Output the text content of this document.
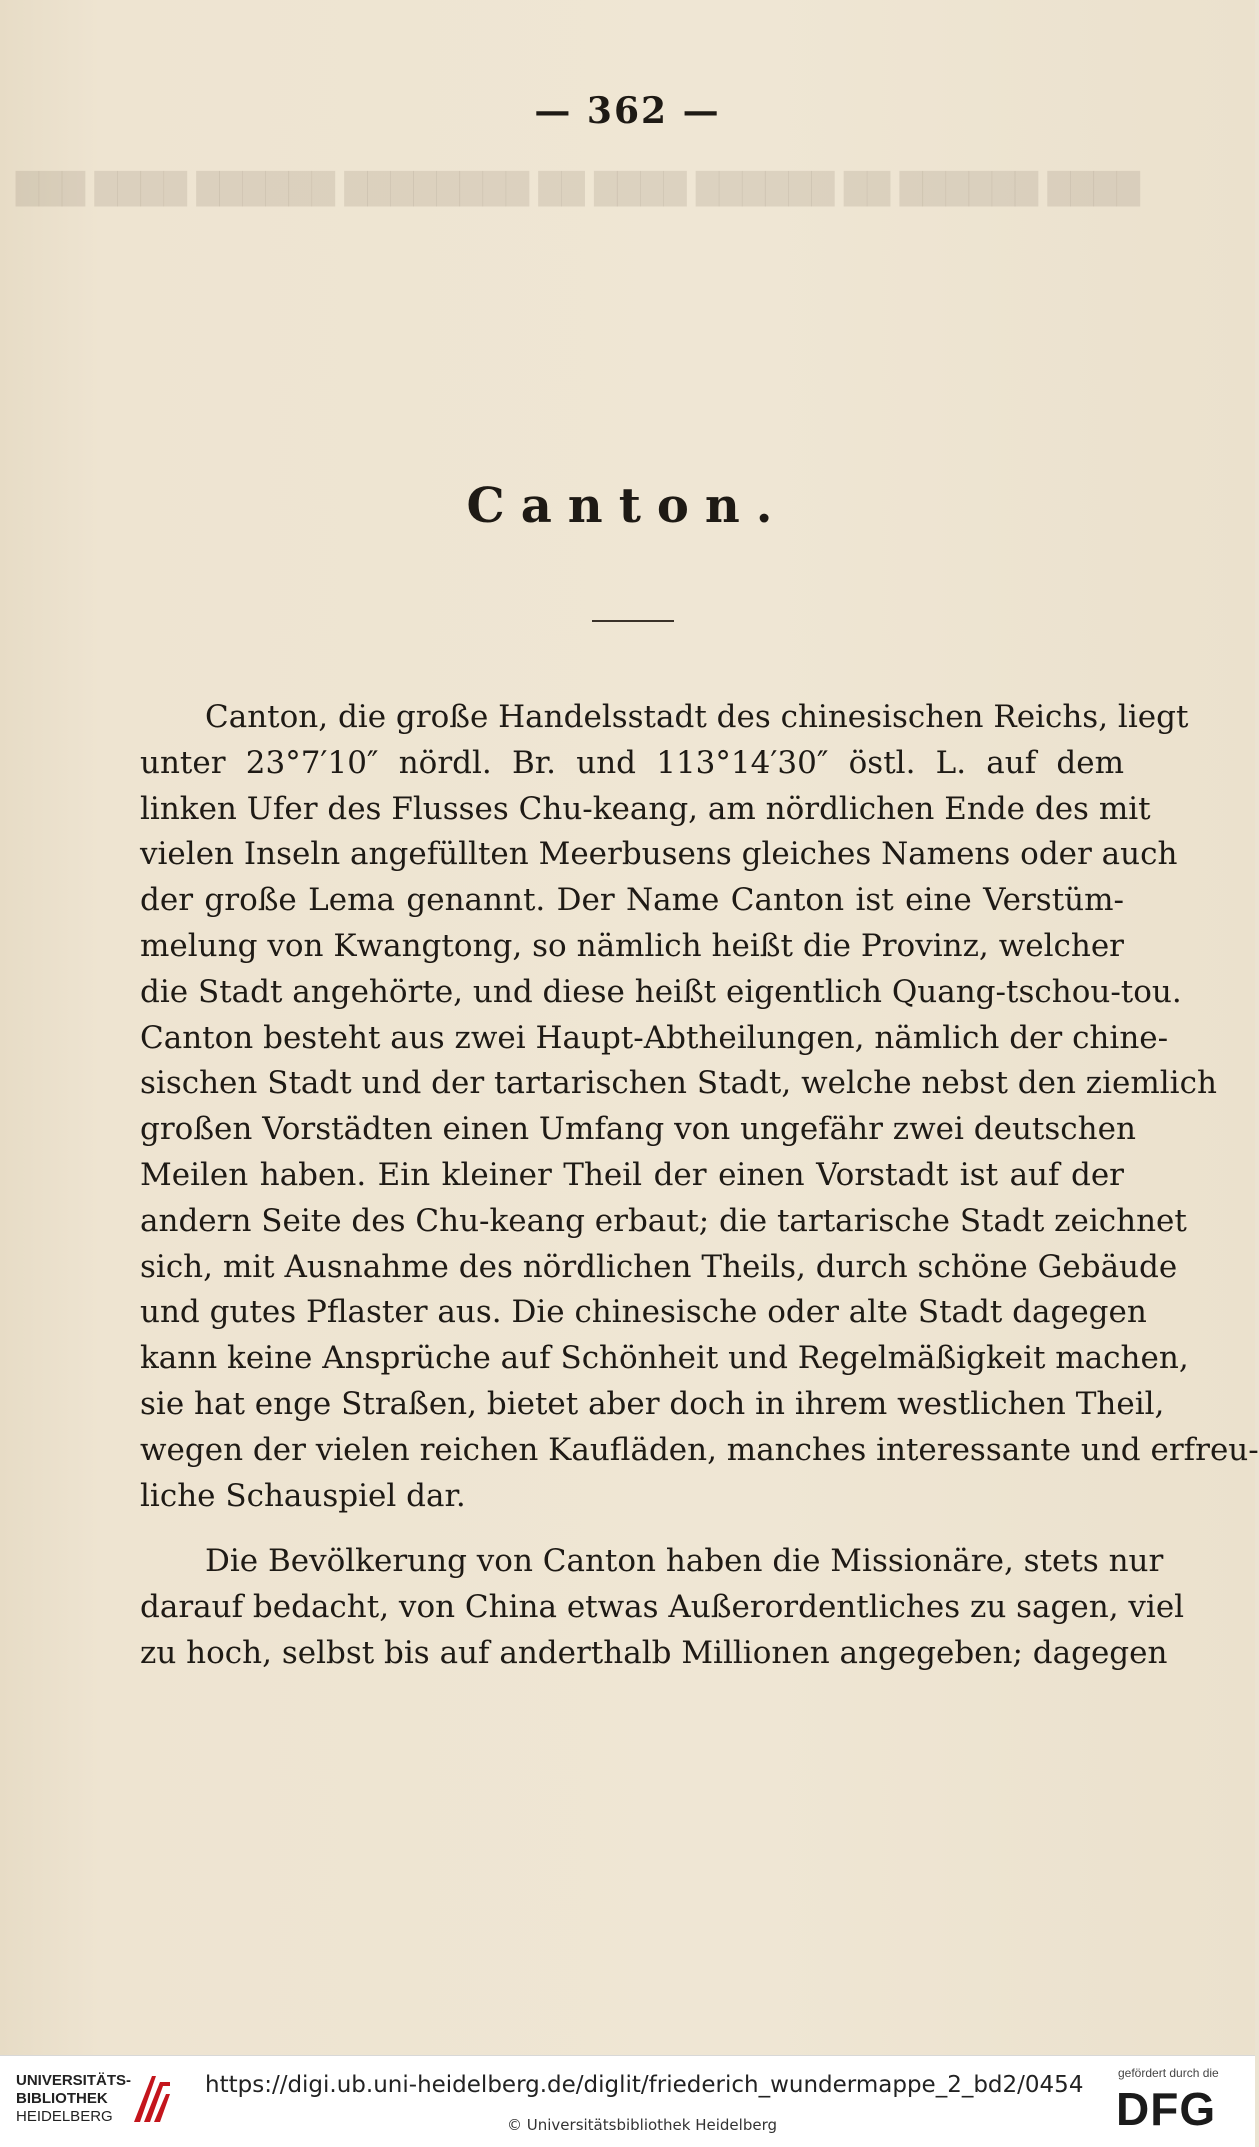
████ ██████ ██ ██████ ████ ██ ████████ ██████ ████ ███
— 362 —
Canton.
Canton, die große Handelsstadt des chinesischen Reichs, liegt
unter 23°7′10″ nördl. Br. und 113°14′30″ östl. L. auf dem
linken Ufer des Flusses Chu-keang, am nördlichen Ende des mit
vielen Inseln angefüllten Meerbusens gleiches Namens oder auch
der große Lema genannt. Der Name Canton ist eine Verstüm-
melung von Kwangtong, so nämlich heißt die Provinz, welcher
die Stadt angehörte, und diese heißt eigentlich Quang-tschou-tou.
Canton besteht aus zwei Haupt-Abtheilungen, nämlich der chine-
sischen Stadt und der tartarischen Stadt, welche nebst den ziemlich
großen Vorstädten einen Umfang von ungefähr zwei deutschen
Meilen haben. Ein kleiner Theil der einen Vorstadt ist auf der
andern Seite des Chu-keang erbaut; die tartarische Stadt zeichnet
sich, mit Ausnahme des nördlichen Theils, durch schöne Gebäude
und gutes Pflaster aus. Die chinesische oder alte Stadt dagegen
kann keine Ansprüche auf Schönheit und Regelmäßigkeit machen,
sie hat enge Straßen, bietet aber doch in ihrem westlichen Theil,
wegen der vielen reichen Kaufläden, manches interessante und erfreu-
liche Schauspiel dar.
Die Bevölkerung von Canton haben die Missionäre, stets nur
darauf bedacht, von China etwas Außerordentliches zu sagen, viel
zu hoch, selbst bis auf anderthalb Millionen angegeben; dagegen
UNIVERSITÄTS-
BIBLIOTHEK
HEIDELBERG
https://digi.ub.uni-heidelberg.de/diglit/friederich_wundermappe_2_bd2/0454
© Universitätsbibliothek Heidelberg
gefördert durch die
DFG
